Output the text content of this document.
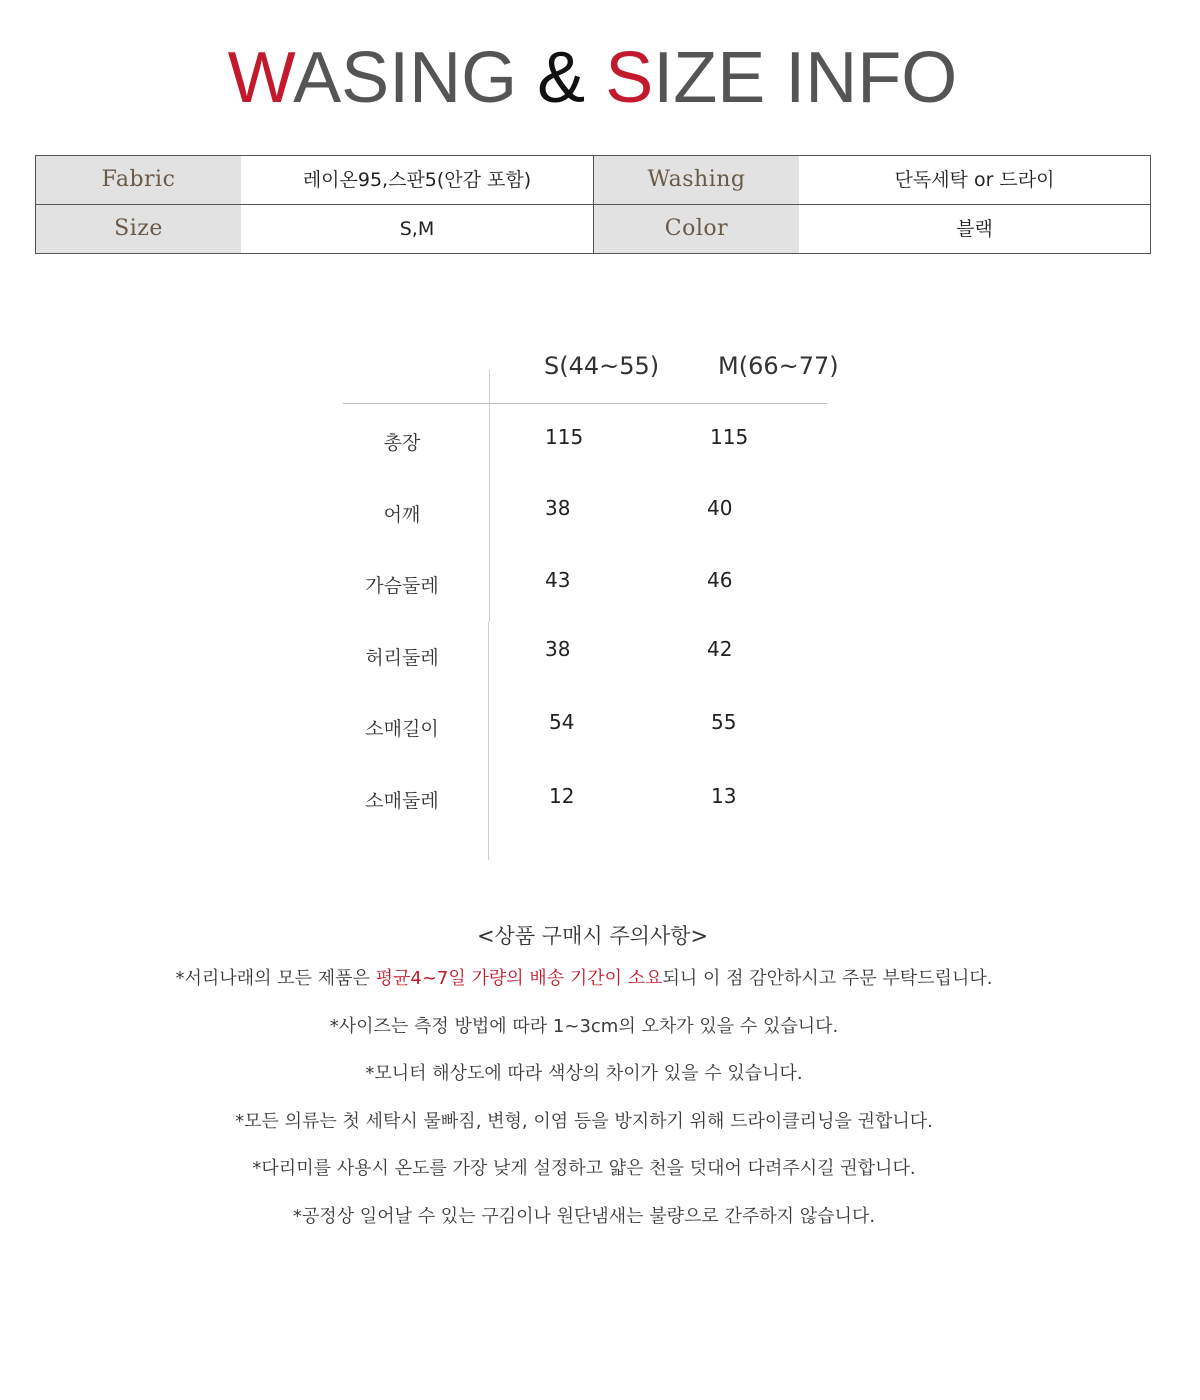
WASING & SIZE INFO
Fabric	레이온95,스판5(안감 포함)	Washing	단독세탁 or 드라이
Size	S,M	Color	블랙
S(44~55) M(66~77)
총장	115	115
어깨	38	40
가슴둘레	43	46
허리둘레	38	42
소매길이	54	55
소매둘레	12	13
<상품 구매시 주의사항>
*서리나래의 모든 제품은 평균4~7일 가량의 배송 기간이 소요되니 이 점 감안하시고 주문 부탁드립니다.
*사이즈는 측정 방법에 따라 1~3cm의 오차가 있을 수 있습니다.
*모니터 해상도에 따라 색상의 차이가 있을 수 있습니다.
*모든 의류는 첫 세탁시 물빠짐, 변형, 이염 등을 방지하기 위해 드라이클리닝을 권합니다.
*다리미를 사용시 온도를 가장 낮게 설정하고 얇은 천을 덧대어 다려주시길 권합니다.
*공정상 일어날 수 있는 구김이나 원단냄새는 불량으로 간주하지 않습니다.
